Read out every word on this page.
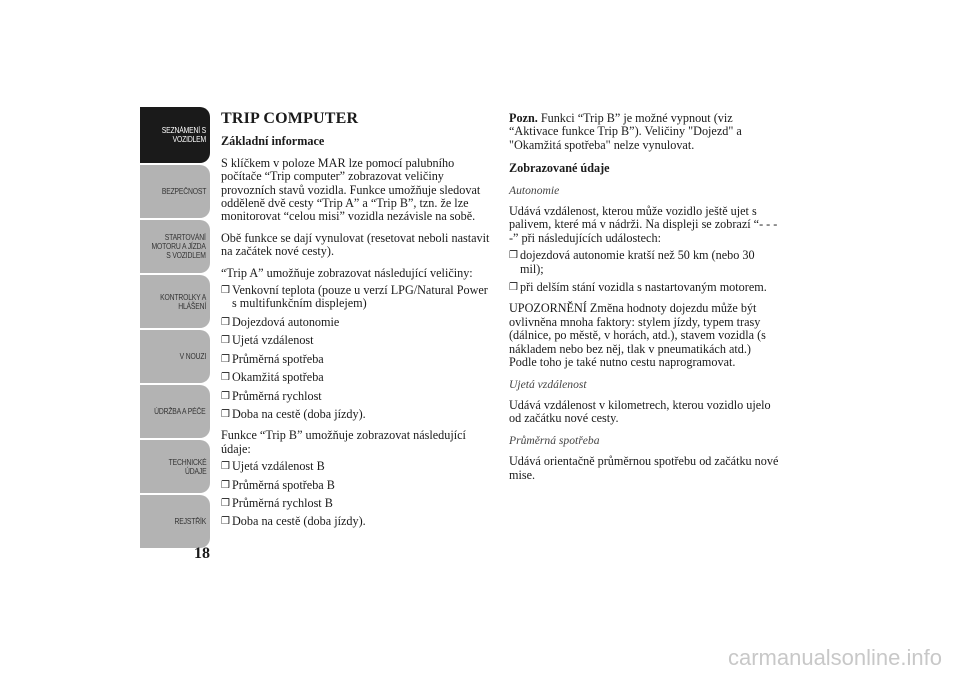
SEZNÁMENÍ S
VOZIDLEM
BEZPEČNOST
STARTOVÁNÍ
MOTORU A JÍZDA
S VOZIDLEM
KONTROLKY A
HLÁŠENÍ
V NOUZI
ÚDRŽBA A PÉČE
TECHNICKÉ
ÚDAJE
REJSTŘÍK
18
TRIP COMPUTER

Základní informace

S klíčkem v poloze MAR lze pomocí palubního počítače “Trip computer” zobrazovat veličiny provozních stavů vozidla. Funkce umožňuje sledovat odděleně dvě cesty “Trip A” a “Trip B”, tzn. že lze monitorovat “celou misi” vozidla nezávisle na sobě.

Obě funkce se dají vynulovat (resetovat neboli nastavit na začátek nové cesty).

“Trip A” umožňuje zobrazovat následující veličiny:

❒ Venkovní teplota (pouze u verzí LPG/Natural Power s multifunkčním displejem)
❒ Dojezdová autonomie
❒ Ujetá vzdálenost
❒ Průměrná spotřeba
❒ Okamžitá spotřeba
❒ Průměrná rychlost
❒ Doba na cestě (doba jízdy).

Funkce “Trip B” umožňuje zobrazovat následující údaje:

❒ Ujetá vzdálenost B
❒ Průměrná spotřeba B
❒ Průměrná rychlost B
❒ Doba na cestě (doba jízdy).

Pozn. Funkci “Trip B” je možné vypnout (viz “Aktivace funkce Trip B”). Veličiny "Dojezd" a "Okamžitá spotřeba" nelze vynulovat.

Zobrazované údaje

Autonomie

Udává vzdálenost, kterou může vozidlo ještě ujet s palivem, které má v nádrži. Na displeji se zobrazí “- - - -” při následujících událostech:

❒ dojezdová autonomie kratší než 50 km (nebo 30 mil);
❒ při delším stání vozidla s nastartovaným motorem.

UPOZORNĚNÍ Změna hodnoty dojezdu může být ovlivněna mnoha faktory: stylem jízdy, typem trasy (dálnice, po městě, v horách, atd.), stavem vozidla (s nákladem nebo bez něj, tlak v pneumatikách atd.) Podle toho je také nutno cestu naprogramovat.

Ujetá vzdálenost

Udává vzdálenost v kilometrech, kterou vozidlo ujelo od začátku nové cesty.

Průměrná spotřeba

Udává orientačně průměrnou spotřebu od začátku nové mise.

carmanualsonline.info
